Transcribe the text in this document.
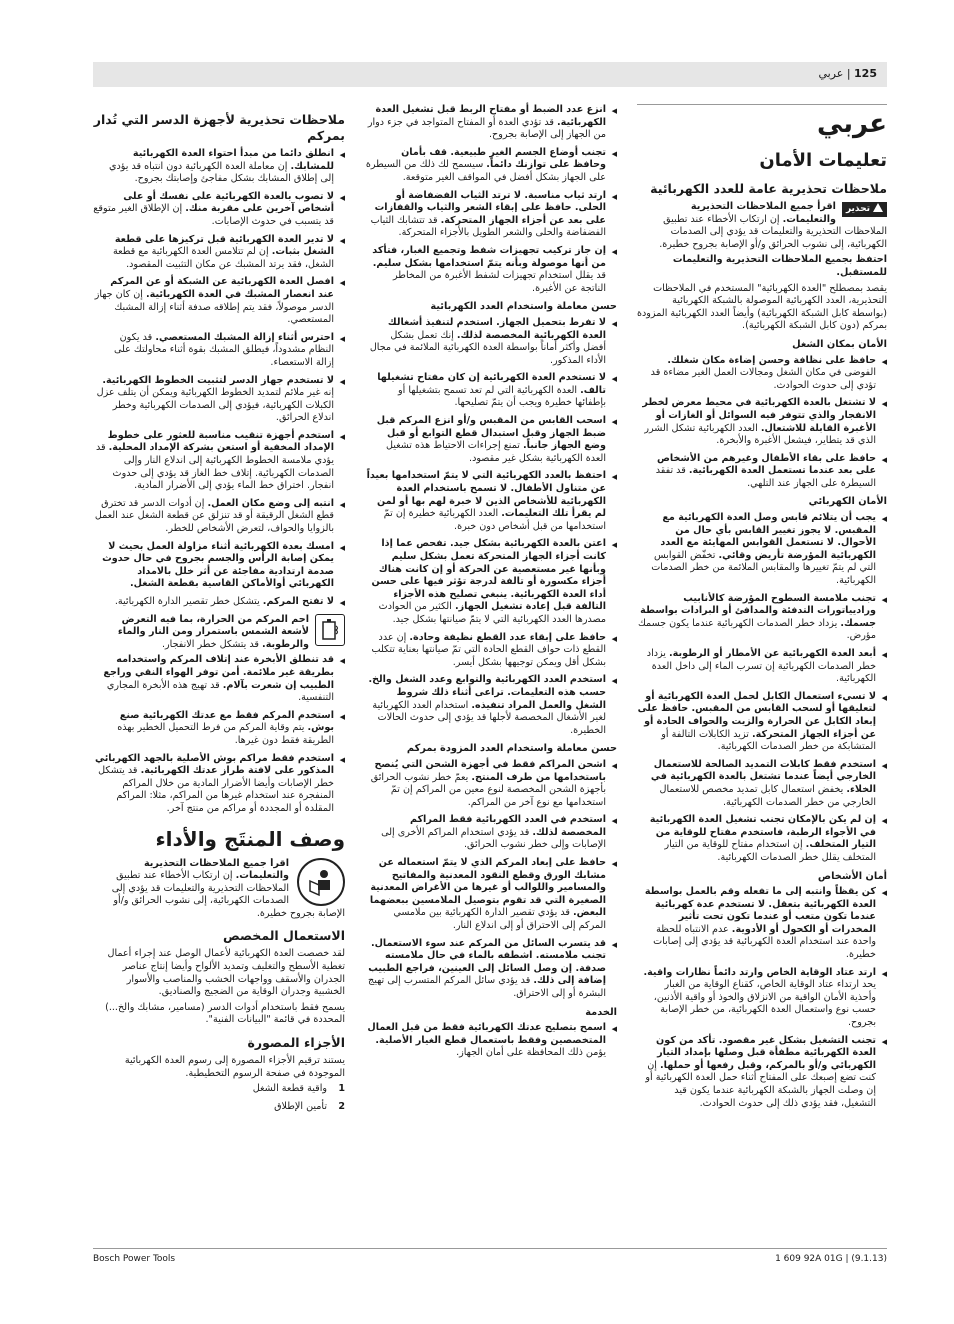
125 | عربي
عربي
تعليمات الأمان
ملاحظات تحذيرية عامة للعدد الكهربائية

تحذير
اقرأ جميع الملاحظات التحذيرية والتعليمات. إن ارتكاب الأخطاء عند تطبيق الملاحظات التحذيرية والتعليمات قد يؤدي إلى الصدمات الكهربائية، إلى نشوب الحرائق و/أو الإصابة بجروح خطيرة.

احتفظ بجميع الملاحظات التحذيرية والتعليمات للمستقبل.

يقصد بمصطلح "العدة الكهربائية" المستخدم في الملاحظات التحذيرية، العدد الكهربائية الموصولة بالشبكة الكهربائية (بواسطة كابل الشبكة الكهربائية) وأيضاً العدد الكهربائية المزودة بمركم (دون كابل الشبكة الكهربائية).

الأمان بمكان الشغل
◀ حافظ على نظافة وحسن إضاءة مكان شغلك. الفوضى في مكان الشغل ومجالات العمل الغير مضاءة قد تؤدي إلى حدوث الحوادث.
◀ لا تشتغل بالعدة الكهربائية في محيط معرض لخطر الانفجار والذي تتوفر فيه السوائل أو الغازات أو الأغبرة القابلة للاشتعال. العدد الكهربائية تشكل الشرر الذي قد يتطاير، فيشعل الأغبرة والأبخرة.
◀ حافظ على بقاء الأطفال وغيرهم من الأشخاص على بعد عندما تستعمل العدة الكهربائية. قد تفقد السيطرة على الجهاز عند التلهي.
الأمان الكهربائي
◀ يجب أن يتلائم قابس وصل العدة الكهربائية مع المقبس. لا يجوز تغيير القابس بأي حال من الأحوال. لا تستعمل القوابس المهايئة مع العدد الكهربائية المؤرضة تأريض وقائي. تخفّض القوابس التي لم يتمّ تغييرها والمقابس الملائمة من خطر الصدمات الكهربائية.
◀ تجنب ملامسة السطوح المؤرضة كالأنابيب وراديياتورات التدفئة والمدافئ أو البرادات بواسطة جسمك. يزداد خطر الصدمات الكهربائية عندما يكون جسمك مؤرض.
◀ أبعد العدة الكهربائية عن الأمطار أو الرطوبة. يزداد خطر الصدمات الكهربائية إن تسرب الماء إلى داخل العدة الكهربائية.
◀ لا تسيء استعمال الكابل لحمل العدة الكهربائية أو لتعليقها أو لسحب القابس من المقبس. حافظ على إبعاد الكابل عن الحرارة والزيت والحواف الحادة أو عن أجزاء الجهاز المتحركة. تزيد الكابلات التالفة أو المتشابكة من خطر الصدمات الكهربائية.
◀ استخدم فقط كابلات التمديد الصالحة للاستعمال الخارجي أيضاً عندما تشتغل بالعدة الكهربائية في الخلاء. يخفض استعمال كابل تمديد مخصص للاستعمال الخارجي من خطر الصدمات الكهربائية.
◀ إن لم يكن بالإمكان تجنب تشغيل العدة الكهربائية في الأجواء الرطبة، فاستخدم مفتاح للوقاية من التيار المتخلف. إن استخدام مفتاح للوقاية من التيار المتخلف يقلل خطر الصدمات الكهربائية.
أمان الأشخاص
◀ كن يقظاً وانتبه إلى ما تفعله وقم بالعمل بواسطة العدة الكهربائية بتعقل. لا تستخدم عدة كهربائية عندما تكون متعب أو عندما تكون تحت تأثير المخدرات أو الكحول أو الأدوية. عدم الانتباه للحظة واحدة عند استخدام العدة الكهربائية قد يؤدي إلى إصابات خطيرة.
◀ ارتد عتاد الوقاية الخاص وارتد دائماً نظارات واقية. يحد ارتداء عتاد الوقاية الخاص، كقناع الوقاية من الغبار وأحذية الأمان الواقية من الانزلاق والخوذ أو واقية الأذنين، حسب نوع واستعمال العدة الكهربائية، من خطر الإصابة بجروح.
◀ تجنب التشغيل بشكل غير مقصود. تأكد من كون العدة الكهربائية مطفأة قبل وصلها بإمداد التيار الكهربائي و/أو بالمركم، وقبل رفعها أو حملها. إن كنت تضع إصبعك على المفتاح أثناء حمل العدة الكهربائية أو إن وصلت الجهاز بالشبكة الكهربائية عندما يكون قيد التشغيل، فقد يؤدي ذلك إلى حدوث الحوادث.
◀ انزع عدد الضبط أو مفتاح الربط قبل تشغيل العدة الكهربائية. قد تؤدي العدة أو المفتاح المتواجد في جزء دوار من الجهاز إلى الإصابة بجروح.
◀ تجنب أوضاع الجسم الغير طبيعية. قف بأمان وحافظ على توازنك دائماً. سيسمح لك ذلك من السيطرة على الجهاز بشكل أفضل في المواقف الغير متوقعة.
◀ ارتد ثياب مناسبة. لا ترتد الثياب الفضفاضة أو الحلى. حافظ على إبقاء الشعر والثياب والقفازات على بعد عن أجزاء الجهاز المتحركة. قد تتشابك الثياب الفضفاضة والحلى والشعر الطويل بالأجزاء المتحركة.
◀ إن جاز تركيب تجهيزات شفط وتجميع الغبار، فتأكد من أنها موصولة وبأنه يتمّ استخدامها بشكل سليم. قد يقلل استخدام تجهيزات لشفط الأغبرة من المخاطر الناتجة عن الأغبرة.
حسن معاملة واستخدام العدد الكهربائية
◀ لا تفرط بتحميل الجهاز. استخدم لتنفيذ أشغالك العدة الكهربائية المخصصة لذلك. إنك تعمل بشكل أفضل وأكثر أماناً بواسطة العدة الكهربائية الملائمة في مجال الأداء المذكور.
◀ لا تستخدم العدة الكهربائية إن كان مفتاح تشغيلها تالف. العدة الكهربائية التي لم تعد تسمح بتشغيلها أو بإطفائها خطيرة ويجب أن يتمّ تصليحها.
◀ اسحب القابس من المقبس و/أو انزع المركم قبل ضبط الجهاز وقبل استبدال قطع التوابع أو قبل وضع الجهاز جانباً. تمنع إجراءات الاحتياط هذه تشغيل العدة الكهربائية بشكل غير مقصود.
◀ احتفظ بالعدد الكهربائية التي لا يتمّ استخدامها بعيداً عن متناول الأطفال. لا تسمح باستخدام العدة الكهربائية للأشخاص الذين لا خبرة لهم بها أو لمن لم يقرأ تلك التعليمات. العدد الكهربائية خطيرة إن تمّ استخدامها من قبل أشخاص دون خبرة.
◀ اعتن بالعدة الكهربائية بشكل جيد. تفحص عما إذا كانت أجزاء الجهاز المتحركة تعمل بشكل سليم وبأنها غير مستعصية عن الحركة أو إن كانت هناك أجزاء مكسورة أو تالفة لدرجة تؤثر فيها على حسن أداء العدة الكهربائية. ينبغي تصليح هذه الأجزاء التالفة قبل إعادة تشغيل الجهاز. الكثير من الحوادث مصدرها العدد الكهربائية التي لا يتمّ صيانتها بشكل جيد.
◀ حافظ على إبقاء عدد القطع نظيفة وحادة. إن عدد القطع ذات حواف القطع الحادة التي تمّ صيانتها بعناية تتكلب بشكل أقل ويمكن توجيهها بشكل أيسر.
◀ استخدم العدد الكهربائية والتوابع وعدد الشغل والخ. حسب هذه التعليمات. تراعى أثناء ذلك شروط الشغل والعمل المراد تنفيذه. استخدام العدد الكهربائية لغير الأشغال المخصصة لأجلها قد يؤدي إلى حدوث الحالات الخطيرة.
حسن معاملة واستخدام العدد المزودة بمركم
◀ اشحن المراكم فقط في أجهزة الشحن التي يُنصح باستخدامها من طرف المنتج. يعمّ خطر نشوب الحرائق بأجهزة الشحن المخصصة لنوع معين من المراكم إن تمّ استخدامها مع نوع آخر من المراكم.
◀ استخدم في العدد الكهربائية فقط المراكم المخصصة لذلك. قد يؤدي استخدام المراكم الأخرى إلى الإصابات وإلى خطر نشوب الحرائق.
◀ حافظ على إبعاد المركم الذي لا يتمّ استعماله عن مشابك الورق وقطع النقود المعدنية والمفاتيح والمسامير واللوالب أو غيرها من الأغراض المعدنية الصغيرة التي قد تقوم بتوصيل الملامسين ببعضهما البعض. قد يؤدي تقصير الدارة الكهربائية بين ملامسي المركم إلى الاحتراق أو إلى اندلاع النار.
◀ قد يتسرب السائل من المركم عند سوء الاستعمال. تجنب ملامسته. اشطفه بالماء في حال ملامسته صدفة. إن وصل السائل إلى العينين، فراجع الطبيب إضافة إلى ذلك. قد يؤدي سائل المركم المتسرب إلى تهيج البشرة أو إلى الاحتراق.
الخدمة
◀ اسمح بتصليح عدتك الكهربائية فقط من قبل العمال المتخصصين وفقط باستعمال قطع الغيار الأصلية. يؤمن ذلك المحافظة على أمان الجهاز.
ملاحظات تحذيرية لأجهزة الدسر التي تُدار بمركم
◀ انطلق دائما من مبدأ احتواء العدة الكهربائية للمشابك. إن معاملة العدة الكهربائية دون انتباه قد يؤدي إلى إطلاق المشابك بشكل مفاجئ وإصابتك بجروح.
◀ لا تصوب بالعدة الكهربائية على نفسك أو على أشخاص آخرين على مقربة منك. إن الإطلاق الغير متوقع قد يتسبب في حدوث الإصابات.
◀ لا تدير العدة الكهربائية قبل تركيزها على قطعة الشغل بثبات. إن لم تتلامس العدة الكهربائية مع قطعة الشغل، فقد يرتد المشبك عن مكان التثبيت المقصود.
◀ افصل العدة الكهربائية عن الشبكة أو عن المركم عند انعصار المشبك في العدة الكهربائية. إن كان جهاز الدسر موصولاً، فقد يتم إطلاقه صدفة أثناء إزالة المشبك المستعصي.
◀ احترس أثناء إزالة المشبك المستعصي. قد يكون النظام مشدوداً، فيطلق المشبك بقوة أثناء محاولتك على إزالة الاستعصاء.
◀ لا تستخدم جهاز الدسر لتثبيت الخطوط الكهربائية. إنه غير ملائم لتمديد الخطوط الكهربائية ويمكن أن يتلف عزل الكبلات الكهربائية، فيؤدي إلى الصدمات الكهربائية وخطر اندلاع الحرائق.
◀ استخدم أجهزة تنقيب مناسبة للعثور على خطوط الإمداد المخفية أو استعن بشركة الإمداد المحلية. قد يؤدي ملامسة الخطوط الكهربائية إلى اندلاع النار وإلى الصدمات الكهربائية. إتلاف خط الغاز قد يؤدي إلى حدوث انفجار. اختراق خط الماء يؤدي إلى الأضرار المادية.
◀ انتبه إلى وضع مكان العمل. إن أدوات الدسر قد تخترق قطع الشغل الرقيقة أو قد تنزلق عن قطعة الشغل عند العمل بالزوايا والحواف، لتعرض الأشخاص للخطر.
◀ امسك بعدة الكهربائية أثناء مزاولة العمل بحيث لا يمكن إصابة الرأس والجسم بجروح في حال حدوث صدمة ارتدادية مفاجئة عن أثر خلل بالامداد الكهربائي أوالأماكن القاسية بقطعة الشغل.
◀ لا تفتح المركم. يتشكل خطر تقصير الدارة الكهربائية.

احم المركم من الحرارة، بما فيه التعرض لأشعة الشمس باستمرار ومن النار والماء والرطوبة. قد يتشكل خطر الانفجار.

◀ قد تنطلق الأبخرة عند إتلاف المركم واستخدامه بطريقة غير ملائمة. أمن توفر الهواء النقي وراجع الطبيب إن شعرت بآلام. قد تهيج هذه الأبخرة المجاري التنفسية.
◀ استخدم المركم فقط مع عدتك الكهربائية صنع بوش. يتم وقاية المركم من فرط التحميل الخطير بهذه الطريقة فقط دون غيرها.
◀ استخدم فقط مراكم بوش الأصلية بالجهد الكهربائي المذكور على لافتة طراز عدتك الكهربائية. قد يتشكل خطر الإصابات وأيضا الأضرار المادية من خلال المراكم المنفجرة عند استخدام غيرها من المراكم، مثلا: المراكم المقلدة أو المجددة أو مراكم من منتج آخر.
وصف المنتَج والأداء

اقرأ جميع الملاحظات التحذيرية والتعليمات. إن ارتكاب الأخطاء عند تطبيق الملاحظات التحذيرية والتعليمات قد يؤدي إلى الصدمات الكهربائية، إلى نشوب الحرائق و/أو الإصابة بجروح خطيرة.

الاستعمال المخصص

لقد خصصت العدة الكهربائية لأعمال الوصل عند إجراء أعمال تغطية الأسطح والتغليف وتمديد الألواح وأيضا إنتاج عناصر الجدران والأسقف وواجهات الخشب والمناصب والأسوار الخشبية وجدران الوقاية من الضجيج والصناديق.

يسمح فقط باستخدام أدوات الدسر (مسامير، مشابك والخ...) المحددة في قائمة "البيانات الفنية".

الأجزاء المصورة

يستند ترقيم الأجزاء المصورة إلى رسوم العدة الكهربائية الموجودة في صفحة الرسوم التخطيطية.

1واقية قطعة الشغل
2تأمين الإطلاق
Bosch Power Tools	1 609 92A 01G | (9.1.13)
